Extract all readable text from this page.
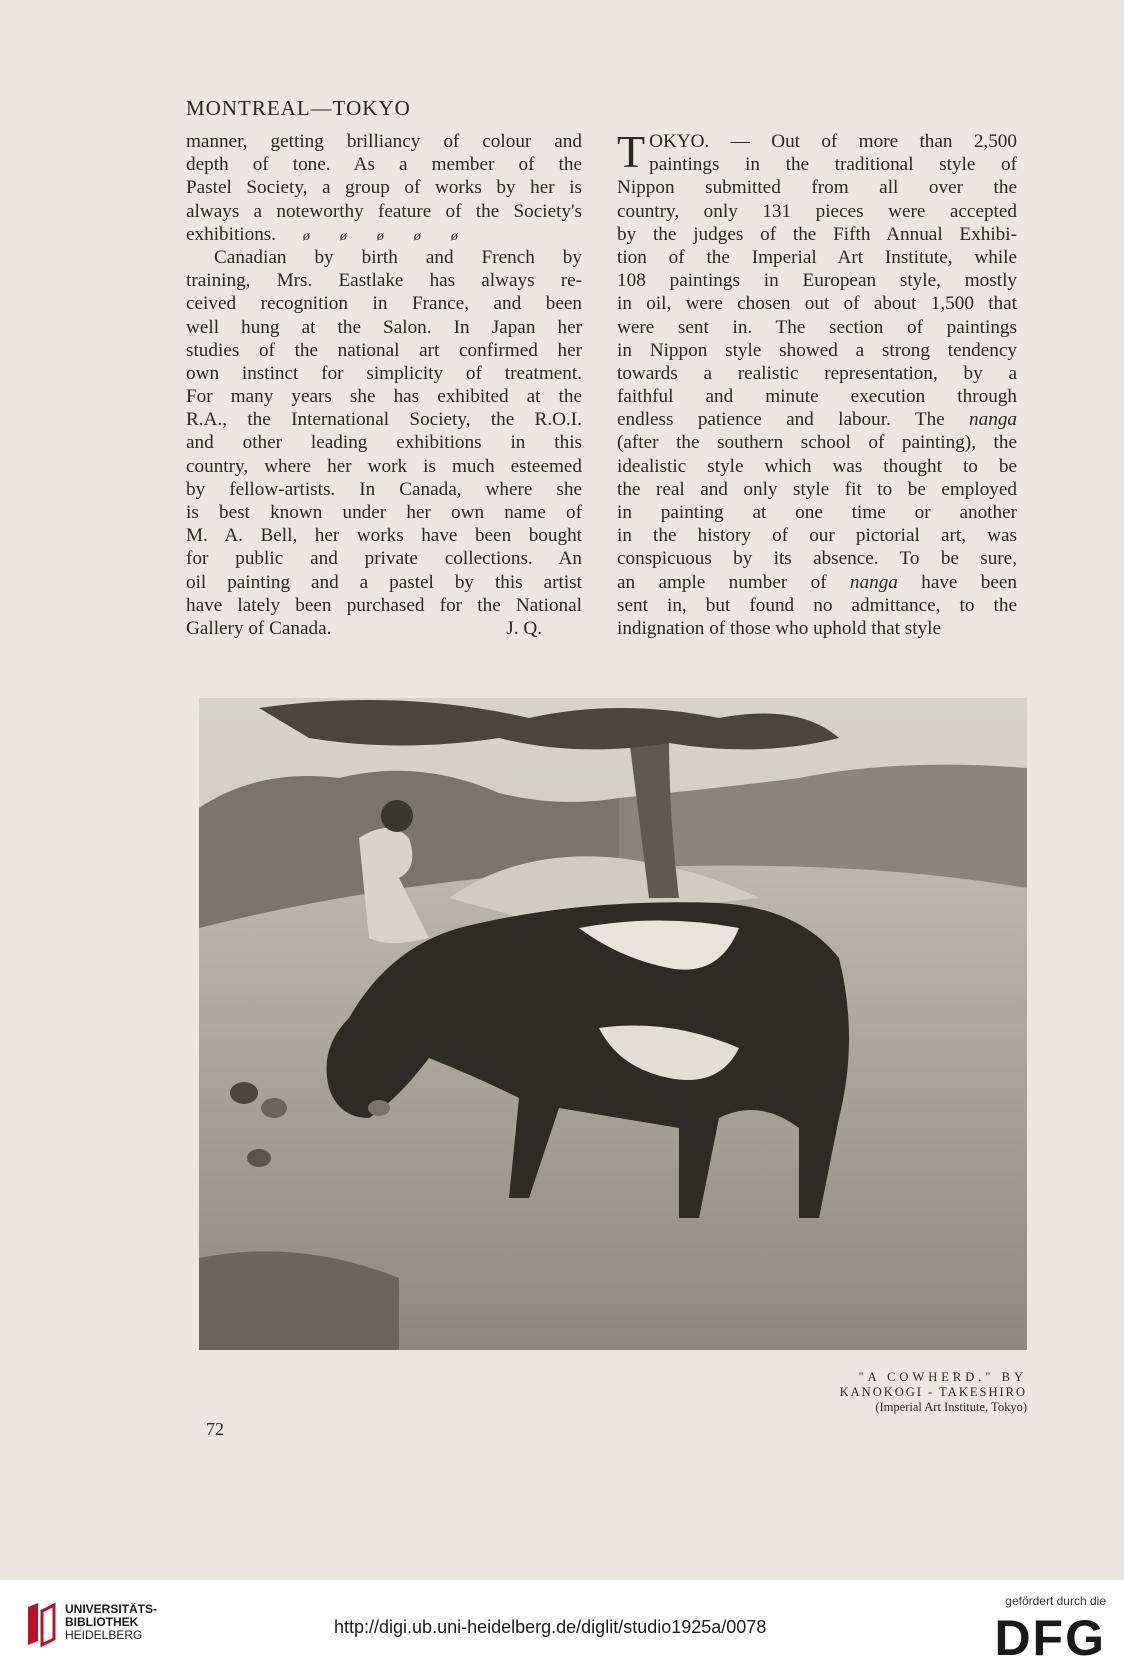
MONTREAL—TOKYO
manner, getting brilliancy of colour and
depth of tone. As a member of the
Pastel Society, a group of works by her is
always a noteworthy feature of the Society's
exhibitions. ø ø ø ø ø
Canadian by birth and French by
training, Mrs. Eastlake has always re-
ceived recognition in France, and been
well hung at the Salon. In Japan her
studies of the national art confirmed her
own instinct for simplicity of treatment.
For many years she has exhibited at the
R.A., the International Society, the R.O.I.
and other leading exhibitions in this
country, where her work is much esteemed
by fellow-artists. In Canada, where she
is best known under her own name of
M. A. Bell, her works have been bought
for public and private collections. An
oil painting and a pastel by this artist
have lately been purchased for the National
Gallery of Canada.	J. Q.
T OKYO. — Out of more than 2,500
paintings in the traditional style of
Nippon submitted from all over the
country, only 131 pieces were accepted
by the judges of the Fifth Annual Exhibi-
tion of the Imperial Art Institute, while
108 paintings in European style, mostly
in oil, were chosen out of about 1,500 that
were sent in. The section of paintings
in Nippon style showed a strong tendency
towards a realistic representation, by a
faithful and minute execution through
endless patience and labour. The nanga
(after the southern school of painting), the
idealistic style which was thought to be
the real and only style fit to be employed
in painting at one time or another
in the history of our pictorial art, was
conspicuous by its absence. To be sure,
an ample number of nanga have been
sent in, but found no admittance, to the
indignation of those who uphold that style
"A COWHERD." BY
KANOKOGI - TAKESHIRO
(Imperial Art Institute, Tokyo)
72
UNIVERSITÄTS-
BIBLIOTHEK
HEIDELBERG	http://digi.ub.uni-heidelberg.de/diglit/studio1925a/0078
gefördert durch die
DFG
